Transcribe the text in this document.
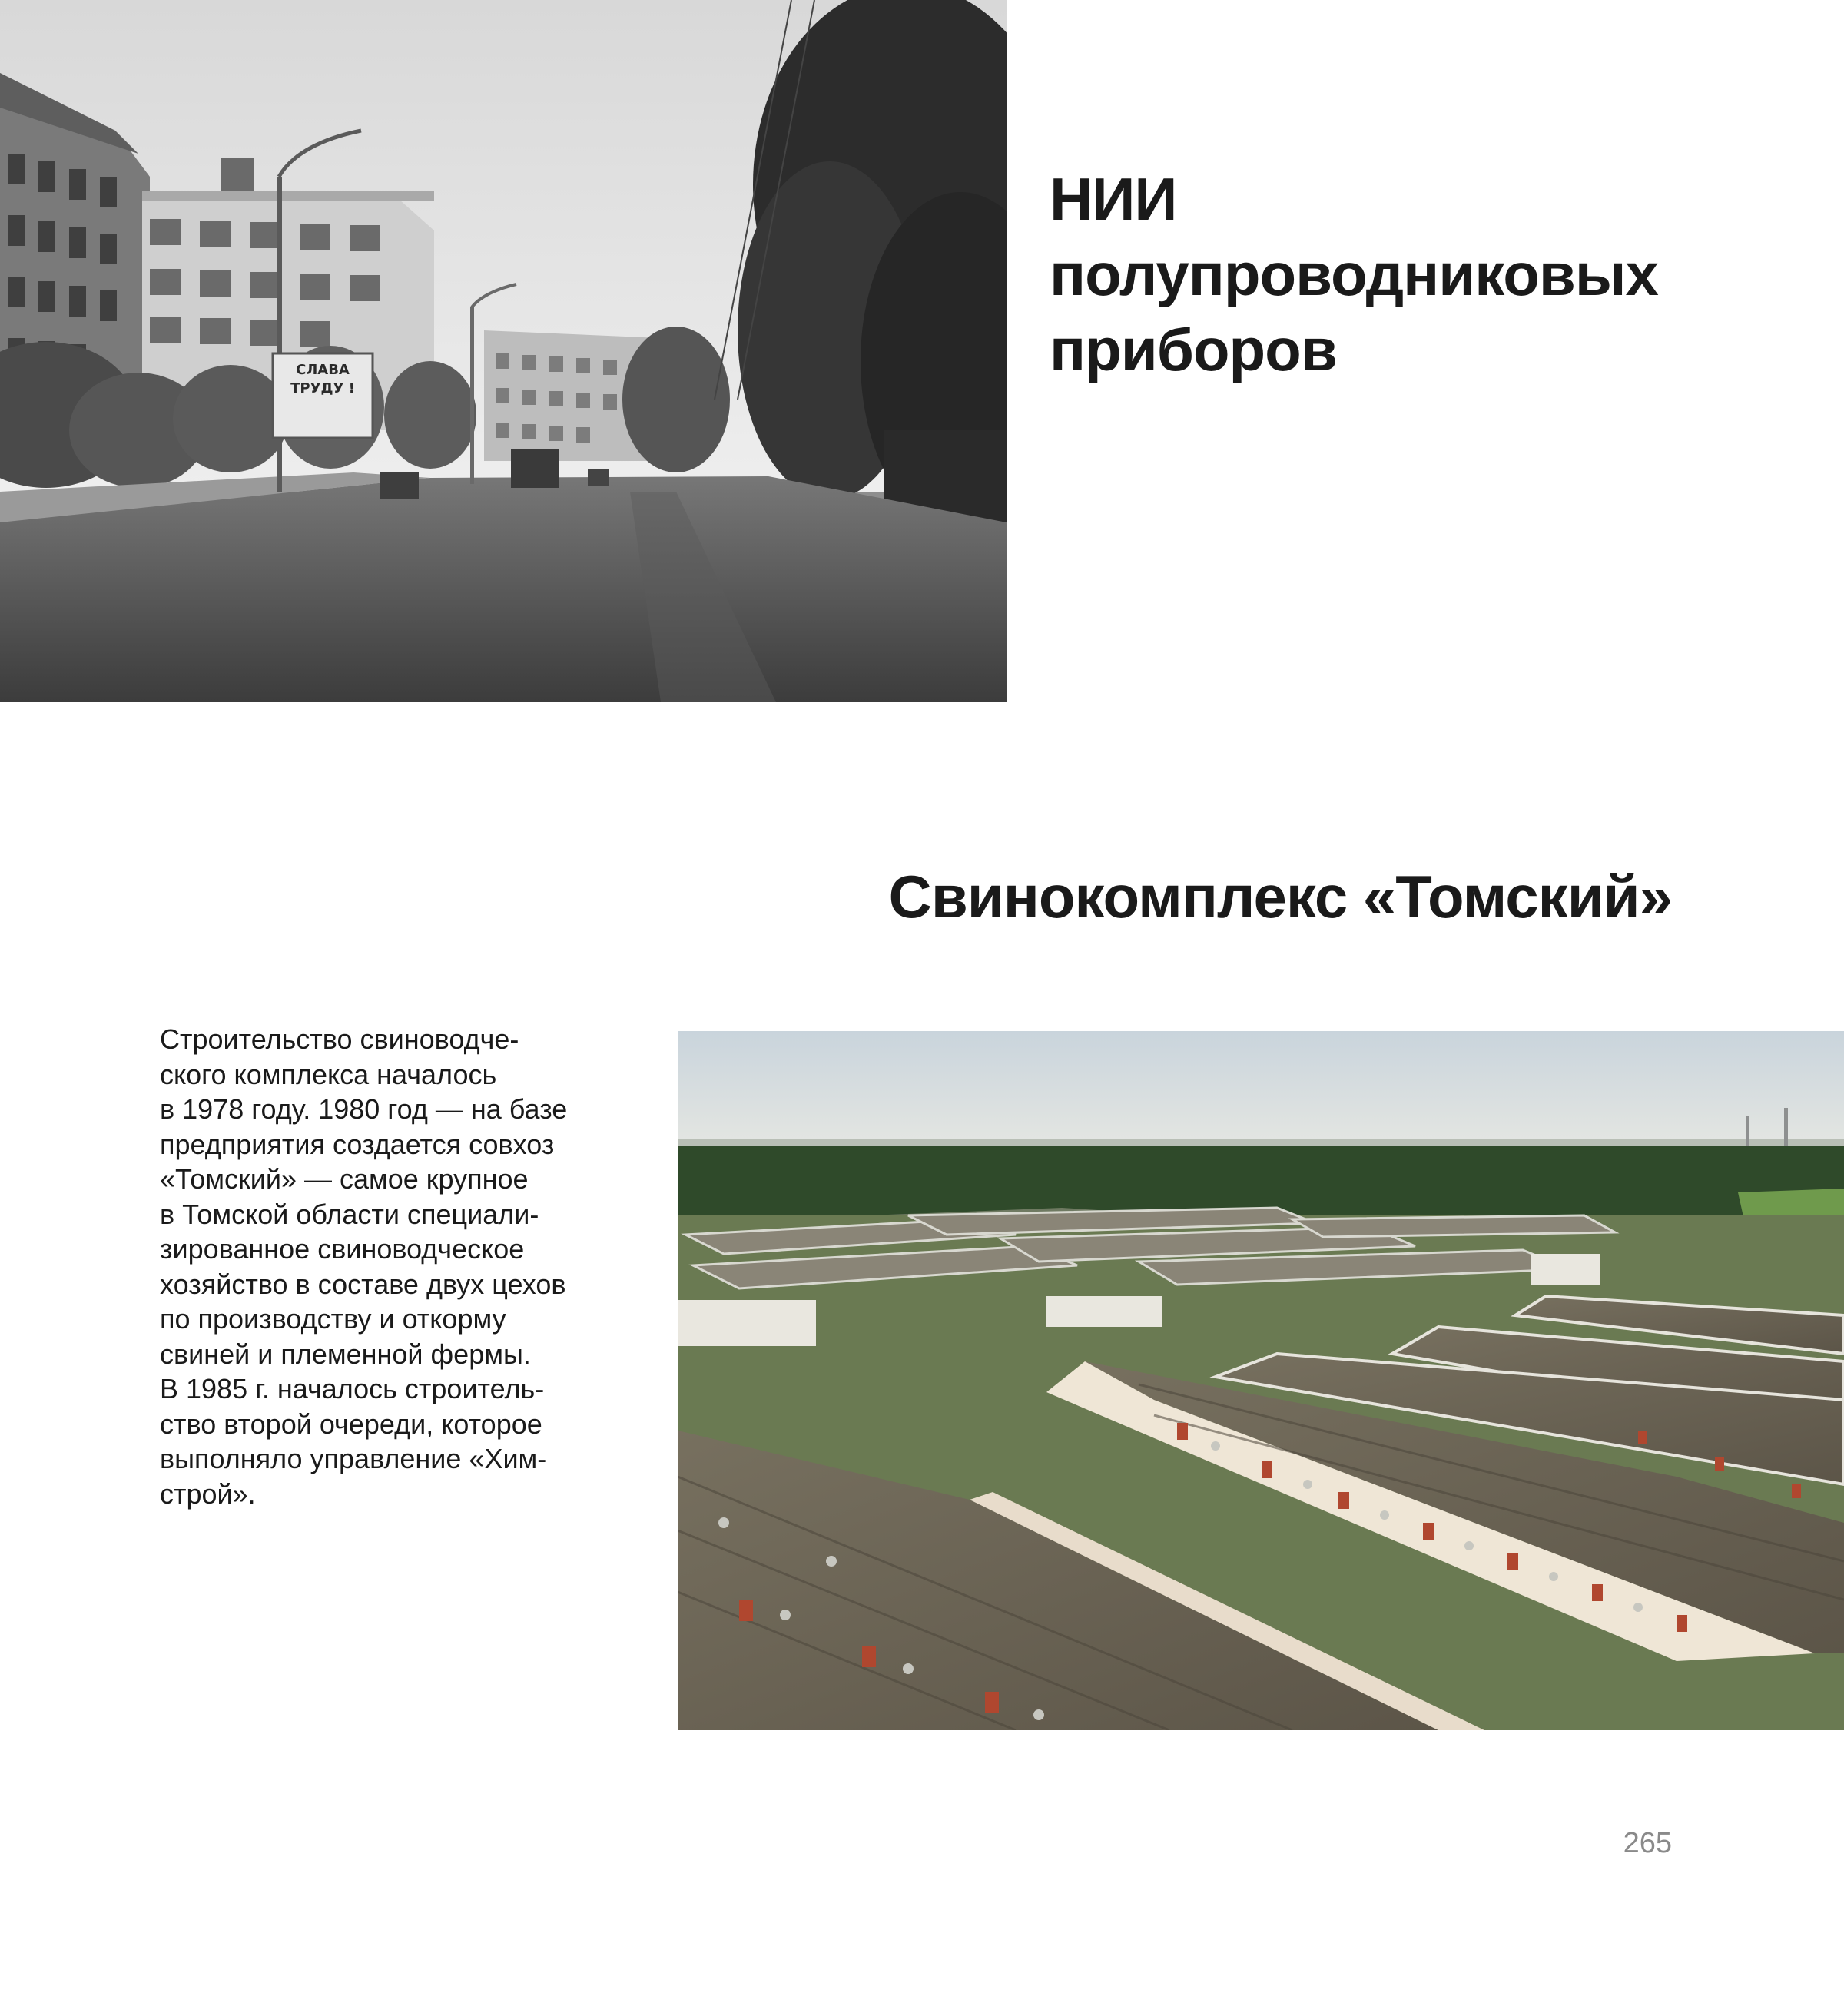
СЛАВА
ТРУДУ !
НИИ
полупроводниковых
приборов
Свинокомплекс «Томский»

Строительство свиноводче-
ского комплекса началось
в 1978 году. 1980 год — на базе
предприятия создается совхоз
«Томский» — самое крупное
в Томской области специали-
зированное свиноводческое
хозяйство в составе двух цехов
по производству и откорму
свиней и племенной фермы.
В 1985 г. началось строитель-
ство второй очереди, которое
выполняло управление «Хим-
строй».

265
